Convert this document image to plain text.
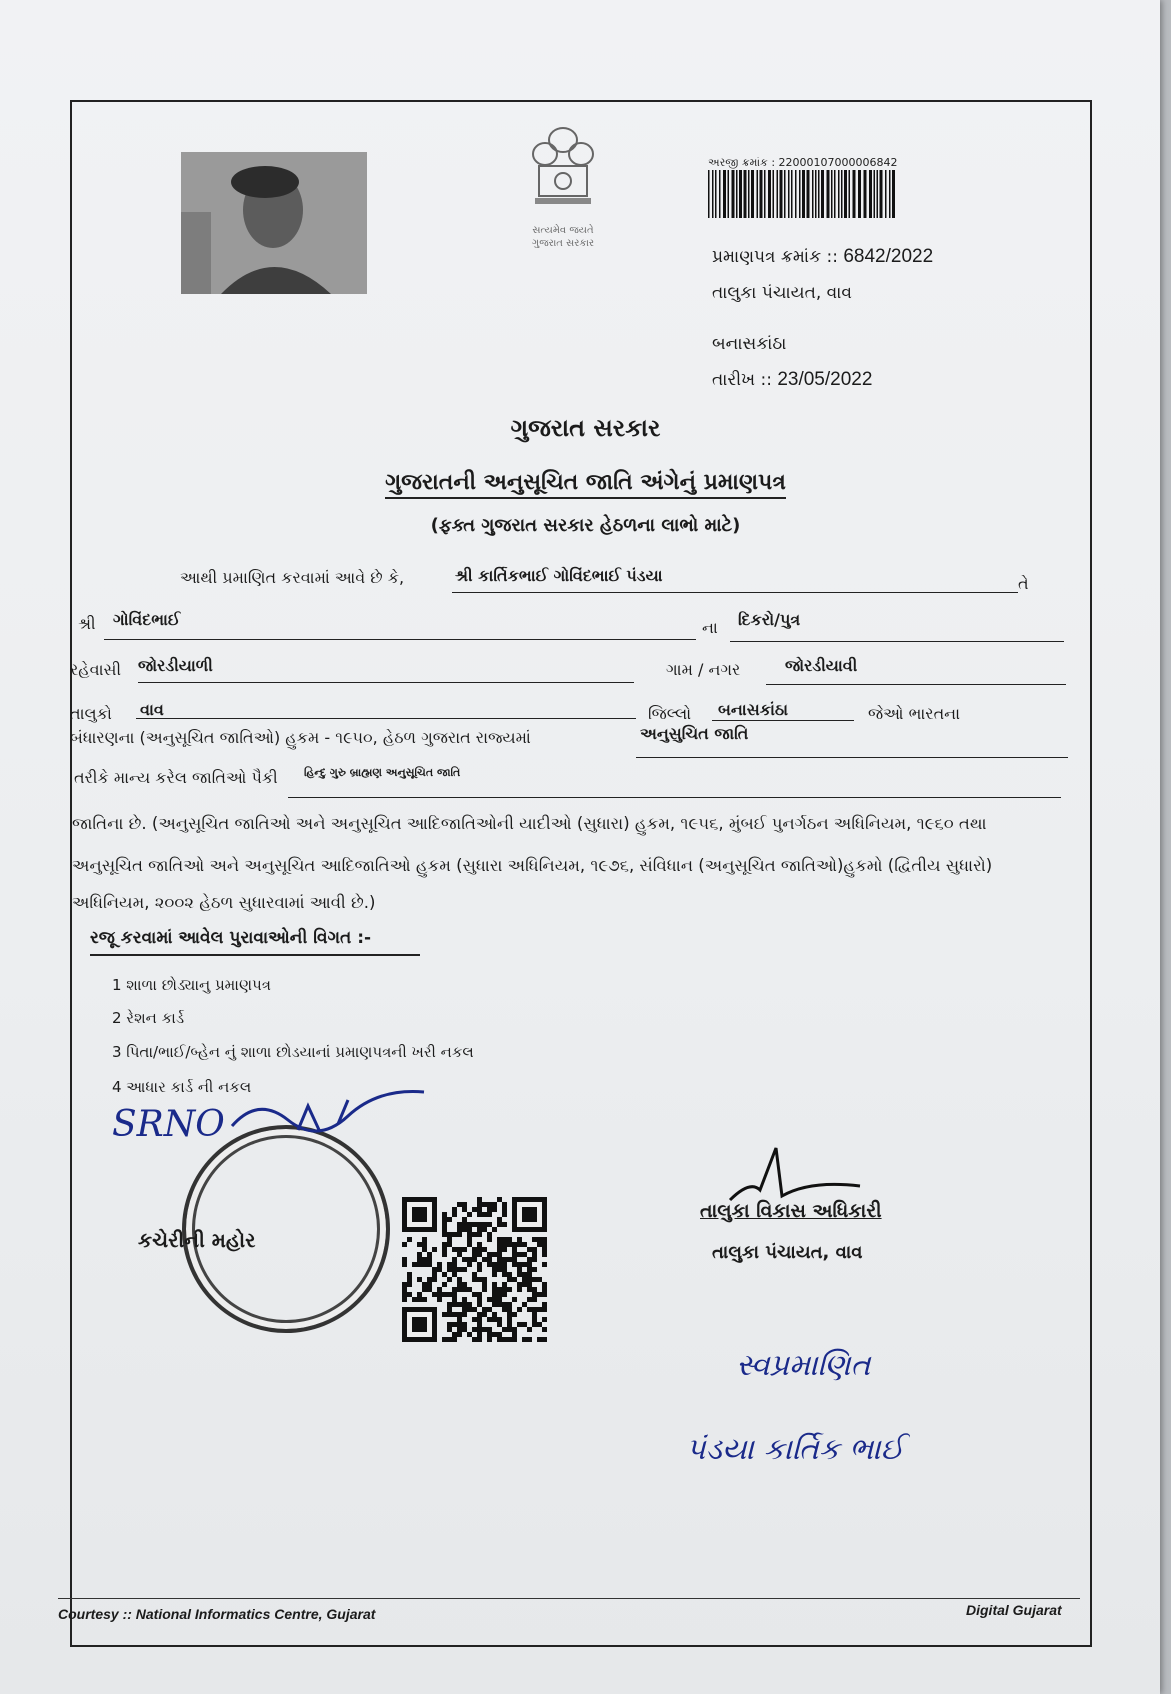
સત્યમેવ જયતે
ગુજરાત સરકાર
અરજી ક્રમાંક : 22000107000006842
પ્રમાણપત્ર ક્રમાંક :: 6842/2022
તાલુકા પંચાયત, વાવ
બનાસકાંઠા
તારીખ :: 23/05/2022
ગુજરાત સરકાર
ગુજરાતની અનુસૂચિત જાતિ અંગેનું પ્રમાણપત્ર
(ફક્ત ગુજરાત સરકાર હેઠળના લાભો માટે)
આથી પ્રમાણિત કરવામાં આવે છે કે,	શ્રી કાર્તિકભાઈ ગોવિંદભાઈ પંડયા	તે
શ્રી ગોવિંદભાઈ	ના દિકરો/પુત્ર
રહેવાસી જોરડીયાળી	ગામ / નગર	જોરડીયાવી
તાલુકો વાવ	જિલ્લો બનાસકાંઠા	જેઓ ભારતના
બંધારણના (અનુસૂચિત જાતિઓ) હુકમ - ૧૯૫૦, હેઠળ ગુજરાત રાજ્યમાં	અનુસુચિત જાતિ
તરીકે માન્ય કરેલ જાતિઓ પૈકી હિન્દુ ગુરુ બ્રાહ્મણ અનુસૂચિત જાતિ
જાતિના છે. (અનુસૂચિત જાતિઓ અને અનુસૂચિત આદિજાતિઓની યાદીઓ (સુધારા) હુકમ, ૧૯૫૬, મુંબઈ પુનર્ગઠન અધિનિયમ, ૧૯૬૦ તથા
અનુસૂચિત જાતિઓ અને અનુસૂચિત આદિજાતિઓ હુકમ (સુધારા અધિનિયમ, ૧૯૭૬, સંવિધાન (અનુસૂચિત જાતિઓ)હુકમો (દ્વિતીય સુધારો)
અધિનિયમ, ૨૦૦૨ હેઠળ સુધારવામાં આવી છે.)
રજૂ કરવામાં આવેલ પુરાવાઓની વિગત :-
1 શાળા છોડ્યાનુ પ્રમાણપત્ર
2 રેશન કાર્ડ
3 પિતા/ભાઈ/બ્હેન નું શાળા છોડયાનાં પ્રમાણપત્રની ખરી નકલ
4 આધાર કાર્ડ ની નકલ
SRNO
કચેરીની મહોર
તાલુકા વિકાસ અધિકારી
તાલુકા પંચાયત, વાવ
સ્વપ્રમાણિત
પંડયા કાર્તિક ભાઈ
Courtesy :: National Informatics Centre, Gujarat	Digital Gujarat
